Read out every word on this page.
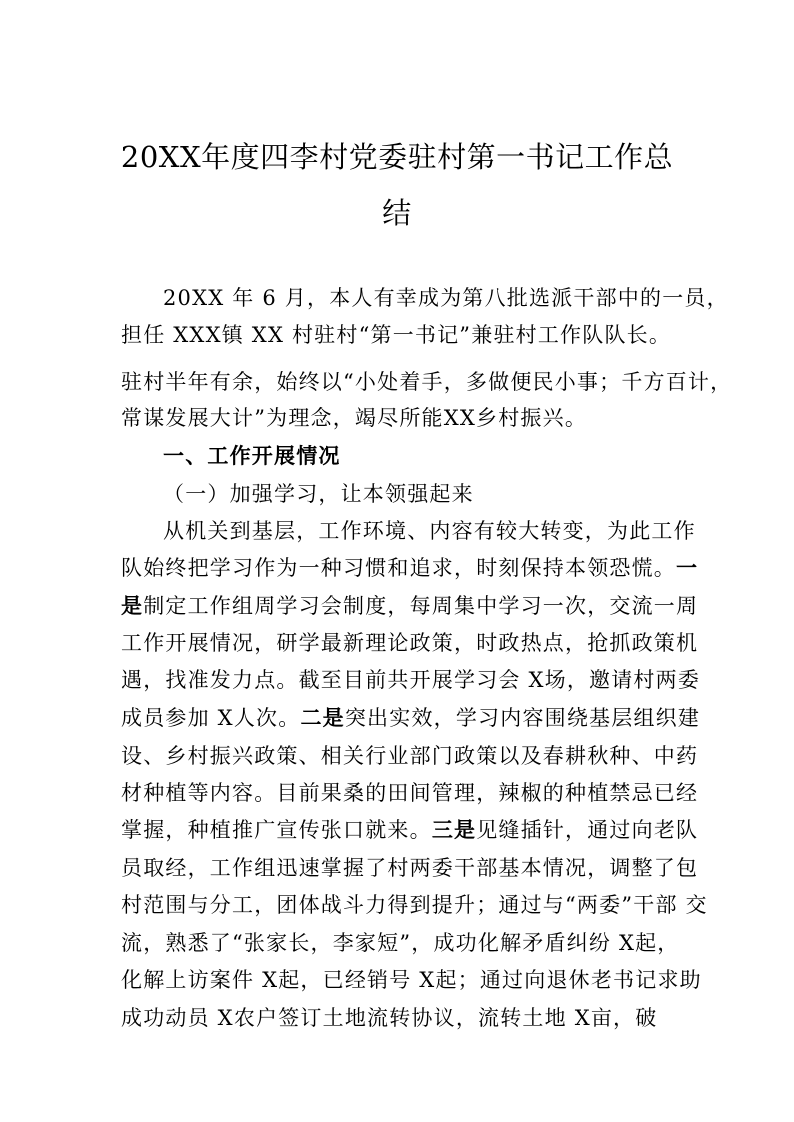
20XX年度四李村党委驻村第一书记工作总
结
20XX 年 6 月，本人有幸成为第八批选派干部中的一员，
担任 XXX镇 XX 村驻村“第一书记”兼驻村工作队队长。
驻村半年有余，始终以“小处着手，多做便民小事；千方百计，
常谋发展大计”为理念，竭尽所能XX乡村振兴。
一、工作开展情况
（一）加强学习，让本领强起来
从机关到基层，工作环境、内容有较大转变，为此工作
队始终把学习作为一种习惯和追求，时刻保持本领恐慌。一
是制定工作组周学习会制度，每周集中学习一次，交流一周
工作开展情况，研学最新理论政策，时政热点，抢抓政策机
遇，找准发力点。截至目前共开展学习会 X场，邀请村两委
成员参加 X人次。二是突出实效，学习内容围绕基层组织建
设、乡村振兴政策、相关行业部门政策以及春耕秋种、中药
材种植等内容。目前果桑的田间管理，辣椒的种植禁忌已经
掌握，种植推广宣传张口就来。三是见缝插针，通过向老队
员取经，工作组迅速掌握了村两委干部基本情况，调整了包
村范围与分工，团体战斗力得到提升；通过与“两委”干部 交
流，熟悉了“张家长，李家短”，成功化解矛盾纠纷 X起，
化解上访案件 X起，已经销号 X起；通过向退休老书记求助
成功动员 X农户签订土地流转协议，流转土地 X亩，破
